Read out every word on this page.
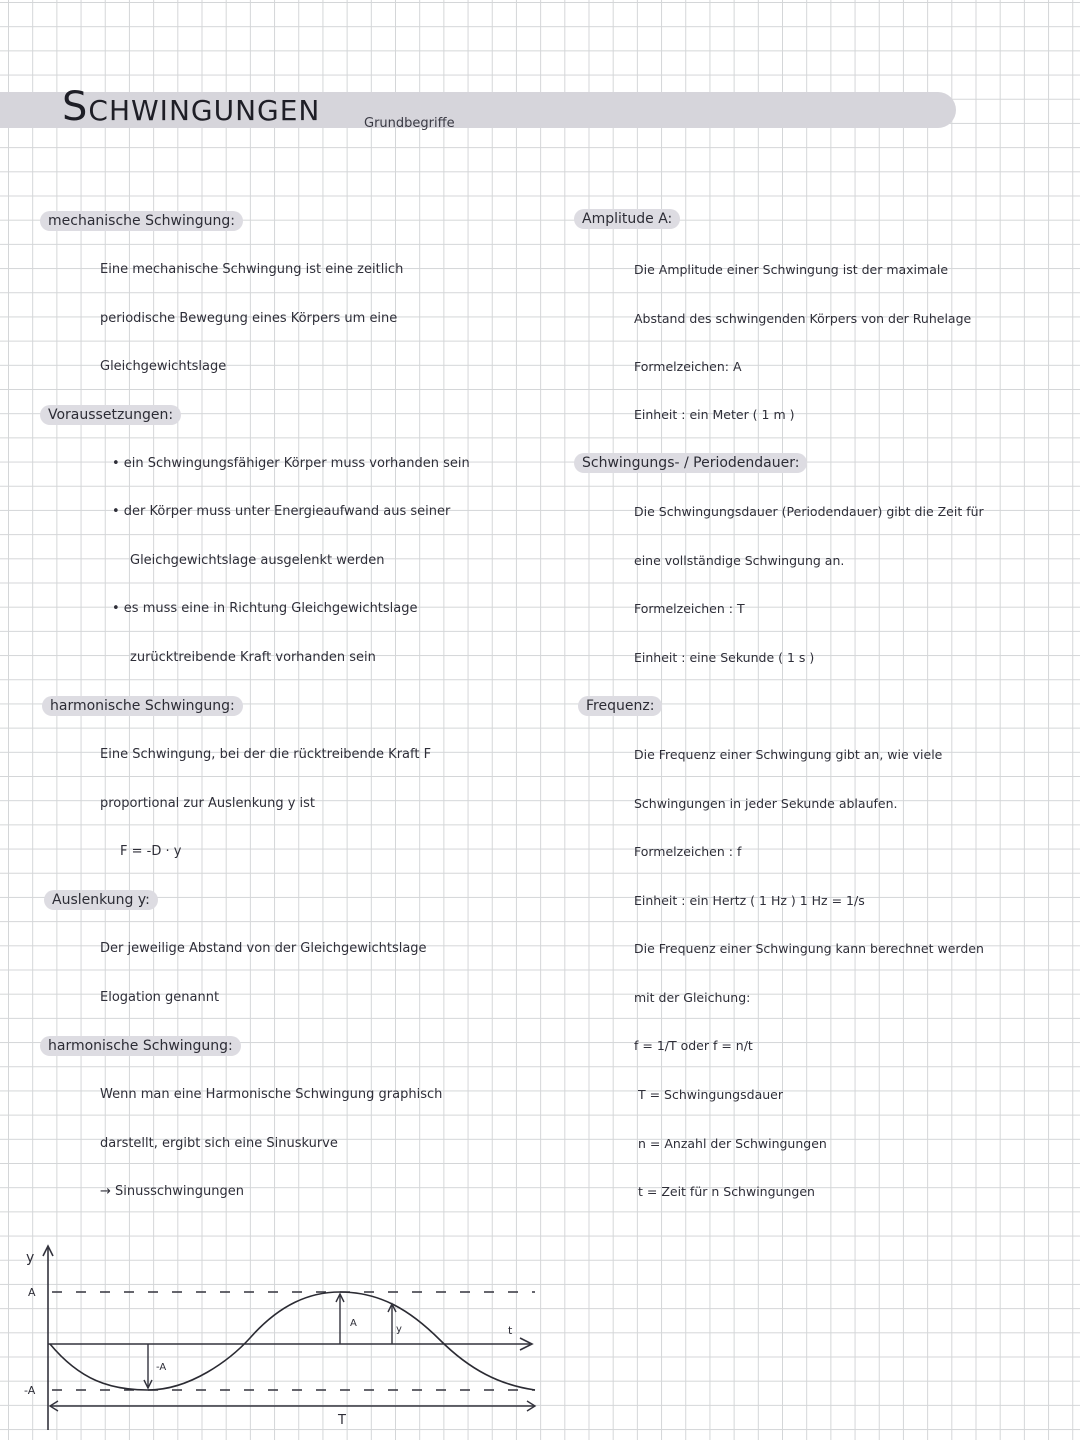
Schwingungen	Grundbegriffe
mechanische Schwingung:
Eine mechanische Schwingung ist eine zeitlich
periodische Bewegung eines Körpers um eine
Gleichgewichtslage
Voraussetzungen:
• ein Schwingungsfähiger Körper muss vorhanden sein
• der Körper muss unter Energieaufwand aus seiner
Gleichgewichtslage ausgelenkt werden
• es muss eine in Richtung Gleichgewichtslage
zurücktreibende Kraft vorhanden sein
harmonische Schwingung:
Eine Schwingung, bei der die rücktreibende Kraft F
proportional zur Auslenkung y ist
F = -D · y
Auslenkung y:
Der jeweilige Abstand von der Gleichgewichtslage
Elogation genannt
harmonische Schwingung:
Wenn man eine Harmonische Schwingung graphisch
darstellt, ergibt sich eine Sinuskurve
→ Sinusschwingungen
Amplitude A:
Die Amplitude einer Schwingung ist der maximale
Abstand des schwingenden Körpers von der Ruhelage
Formelzeichen: A
Einheit : ein Meter ( 1 m )
Schwingungs- / Periodendauer:
Die Schwingungsdauer (Periodendauer) gibt die Zeit für
eine vollständige Schwingung an.
Formelzeichen : T
Einheit : eine Sekunde ( 1 s )
Frequenz:
Die Frequenz einer Schwingung gibt an, wie viele
Schwingungen in jeder Sekunde ablaufen.
Formelzeichen : f
Einheit : ein Hertz ( 1 Hz ) 1 Hz = 1/s
Die Frequenz einer Schwingung kann berechnet werden
mit der Gleichung:
f = 1/T oder f = n/t
T = Schwingungsdauer
n = Anzahl der Schwingungen
t = Zeit für n Schwingungen
y
A
-A
t
T
A
-A
y
